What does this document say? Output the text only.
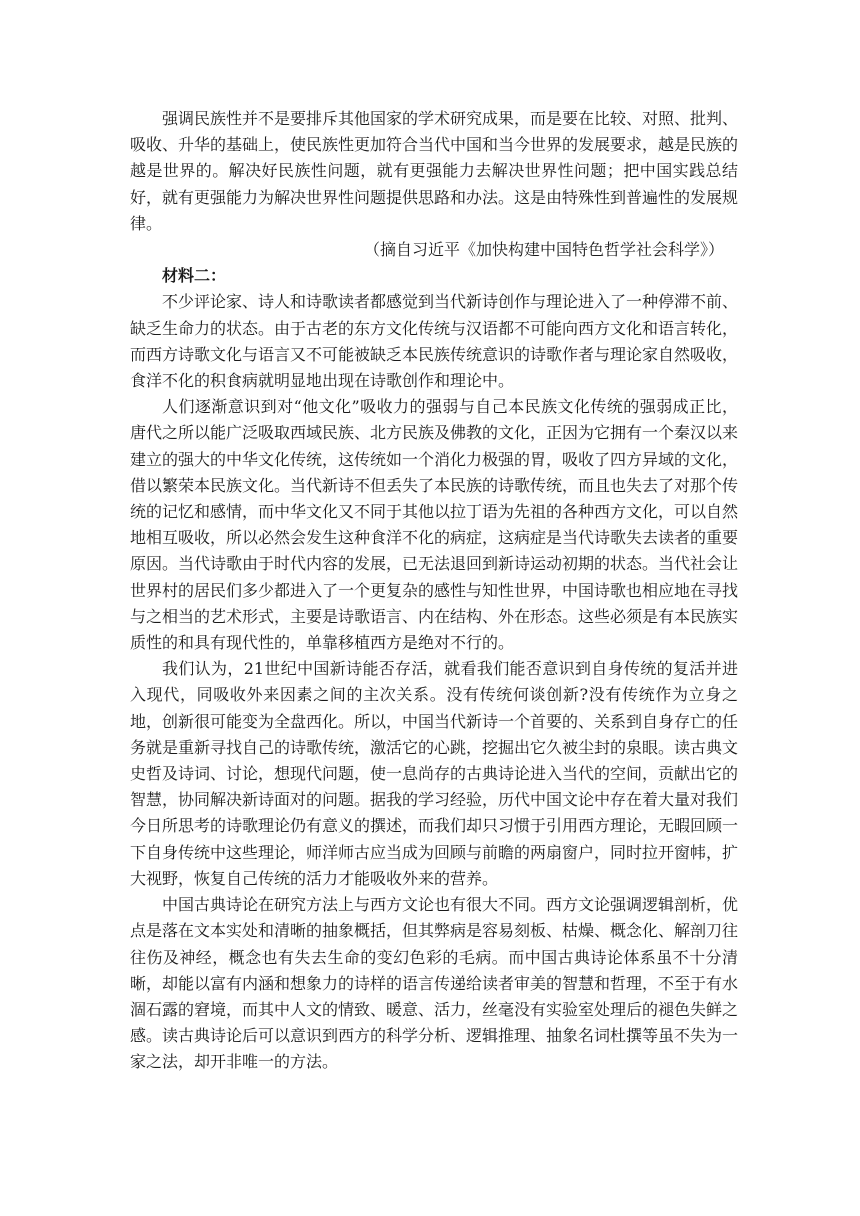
强调民族性并不是要排斥其他国家的学术研究成果，而是要在比较、对照、批判、吸收、升华的基础上，使民族性更加符合当代中国和当今世界的发展要求，越是民族的越是世界的。解决好民族性问题，就有更强能力去解决世界性问题；把中国实践总结好，就有更强能力为解决世界性问题提供思路和办法。这是由特殊性到普遍性的发展规律。

（摘自习近平《加快构建中国特色哲学社会科学》）

材料二：

不少评论家、诗人和诗歌读者都感觉到当代新诗创作与理论进入了一种停滞不前、缺乏生命力的状态。由于古老的东方文化传统与汉语都不可能向西方文化和语言转化，而西方诗歌文化与语言又不可能被缺乏本民族传统意识的诗歌作者与理论家自然吸收，食洋不化的积食病就明显地出现在诗歌创作和理论中。

人们逐渐意识到对“他文化”吸收力的强弱与自己本民族文化传统的强弱成正比，唐代之所以能广泛吸取西域民族、北方民族及佛教的文化，正因为它拥有一个秦汉以来建立的强大的中华文化传统，这传统如一个消化力极强的胃，吸收了四方异域的文化，借以繁荣本民族文化。当代新诗不但丢失了本民族的诗歌传统，而且也失去了对那个传统的记忆和感情，而中华文化又不同于其他以拉丁语为先祖的各种西方文化，可以自然地相互吸收，所以必然会发生这种食洋不化的病症，这病症是当代诗歌失去读者的重要原因。当代诗歌由于时代内容的发展，已无法退回到新诗运动初期的状态。当代社会让世界村的居民们多少都进入了一个更复杂的感性与知性世界，中国诗歌也相应地在寻找与之相当的艺术形式，主要是诗歌语言、内在结构、外在形态。这些必须是有本民族实质性的和具有现代性的，单靠移植西方是绝对不行的。

我们认为，21世纪中国新诗能否存活，就看我们能否意识到自身传统的复活并进入现代，同吸收外来因素之间的主次关系。没有传统何谈创新?没有传统作为立身之地，创新很可能变为全盘西化。所以，中国当代新诗一个首要的、关系到自身存亡的任务就是重新寻找自己的诗歌传统，激活它的心跳，挖掘出它久被尘封的泉眼。读古典文史哲及诗词、讨论，想现代问题，使一息尚存的古典诗论进入当代的空间，贡献出它的智慧，协同解决新诗面对的问题。据我的学习经验，历代中国文论中存在着大量对我们今日所思考的诗歌理论仍有意义的撰述，而我们却只习惯于引用西方理论，无暇回顾一下自身传统中这些理论，师洋师古应当成为回顾与前瞻的两扇窗户，同时拉开窗帏，扩大视野，恢复自己传统的活力才能吸收外来的营养。

中国古典诗论在研究方法上与西方文论也有很大不同。西方文论强调逻辑剖析，优点是落在文本实处和清晰的抽象概括，但其弊病是容易刻板、枯燥、概念化、解剖刀往往伤及神经，概念也有失去生命的变幻色彩的毛病。而中国古典诗论体系虽不十分清晰，却能以富有内涵和想象力的诗样的语言传递给读者审美的智慧和哲理，不至于有水涸石露的窘境，而其中人文的情致、暖意、活力，丝毫没有实验室处理后的褪色失鲜之感。读古典诗论后可以意识到西方的科学分析、逻辑推理、抽象名词杜撰等虽不失为一家之法，却开非唯一的方法。
